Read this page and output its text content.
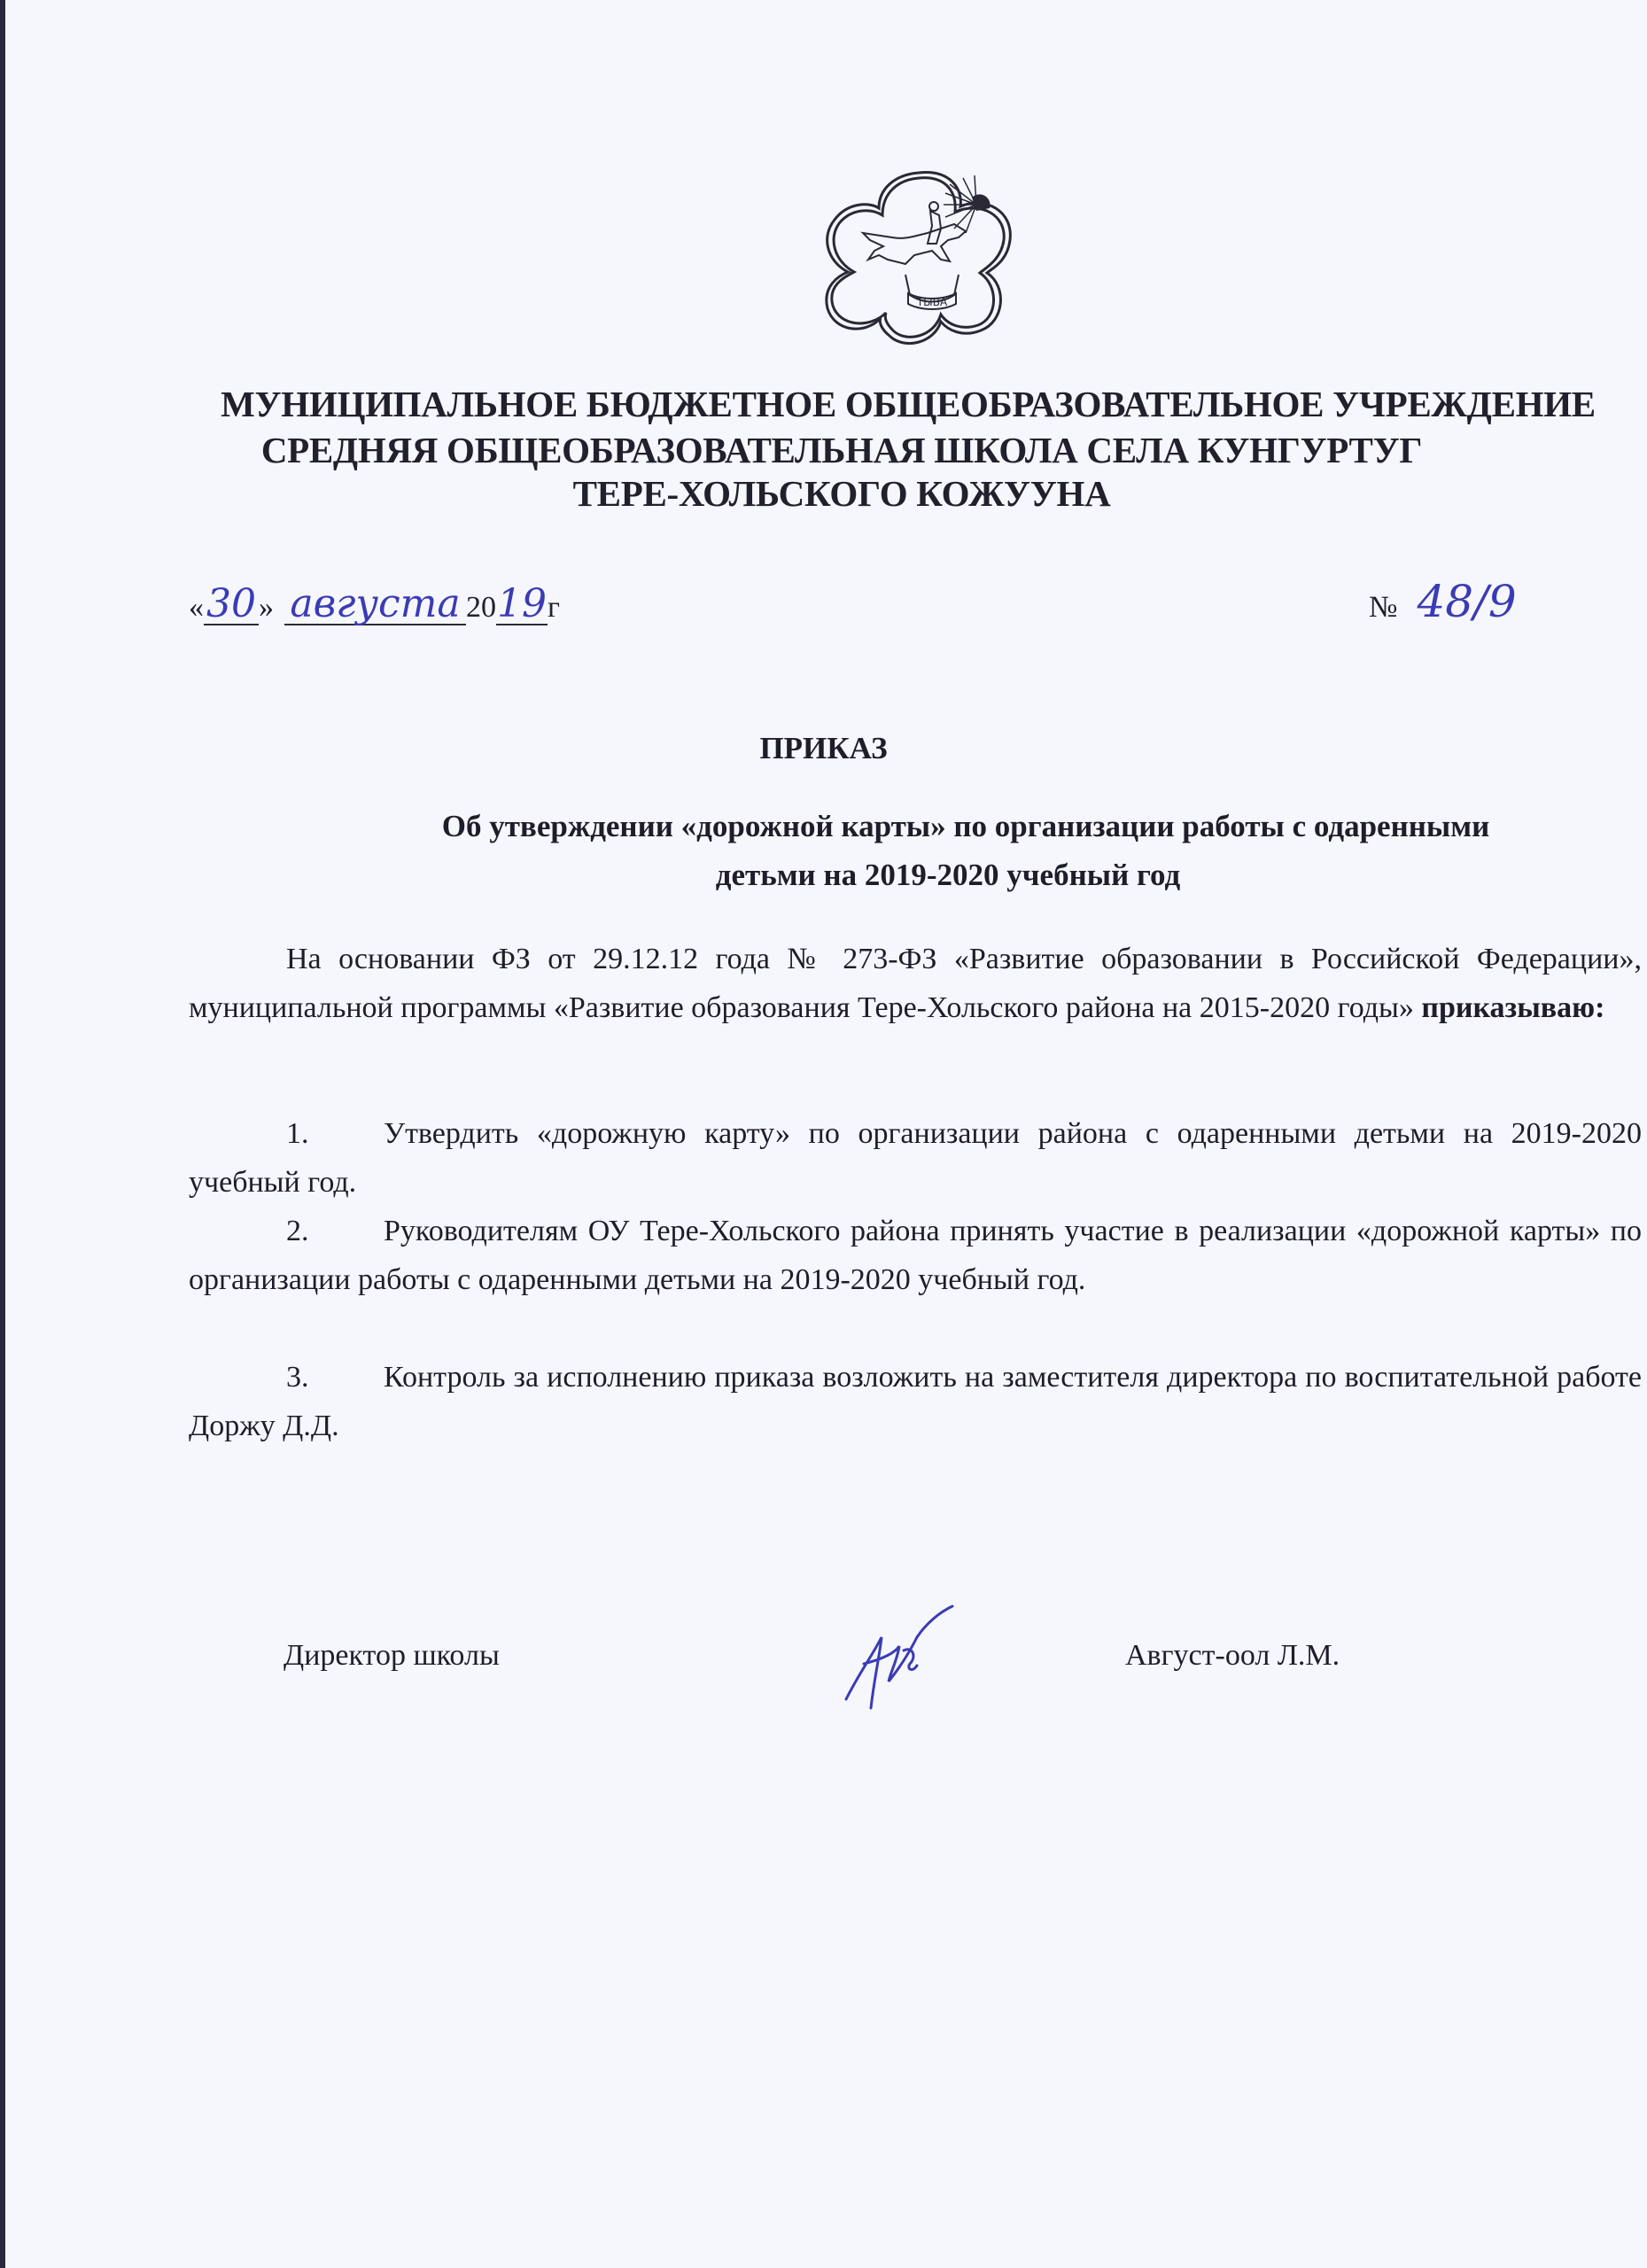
ТЫВА
МУНИЦИПАЛЬНОЕ БЮДЖЕТНОЕ ОБЩЕОБРАЗОВАТЕЛЬНОЕ УЧРЕЖДЕНИЕ
СРЕДНЯЯ ОБЩЕОБРАЗОВАТЕЛЬНАЯ ШКОЛА СЕЛА КУНГУРТУГ
ТЕРЕ-ХОЛЬСКОГО КОЖУУНА
«30» августа 2019г	№ 48/9
ПРИКАЗ
Об утверждении «дорожной карты» по организации работы с одаренными
детьми на 2019-2020 учебный год
На основании ФЗ от 29.12.12 года № 273-ФЗ «Развитие образовании в Российской Федерации», муниципальной программы «Развитие образования Тере-Хольского района на 2015-2020 годы» приказываю:
1. Утвердить «дорожную карту» по организации района с одаренными детьми на 2019-2020 учебный год.
2. Руководителям ОУ Тере-Хольского района принять участие в реализации «дорожной карты» по организации работы с одаренными детьми на 2019-2020 учебный год.
3. Контроль за исполнению приказа возложить на заместителя директора по воспитательной работе Доржу Д.Д.
Директор школы	Август-оол Л.М.
